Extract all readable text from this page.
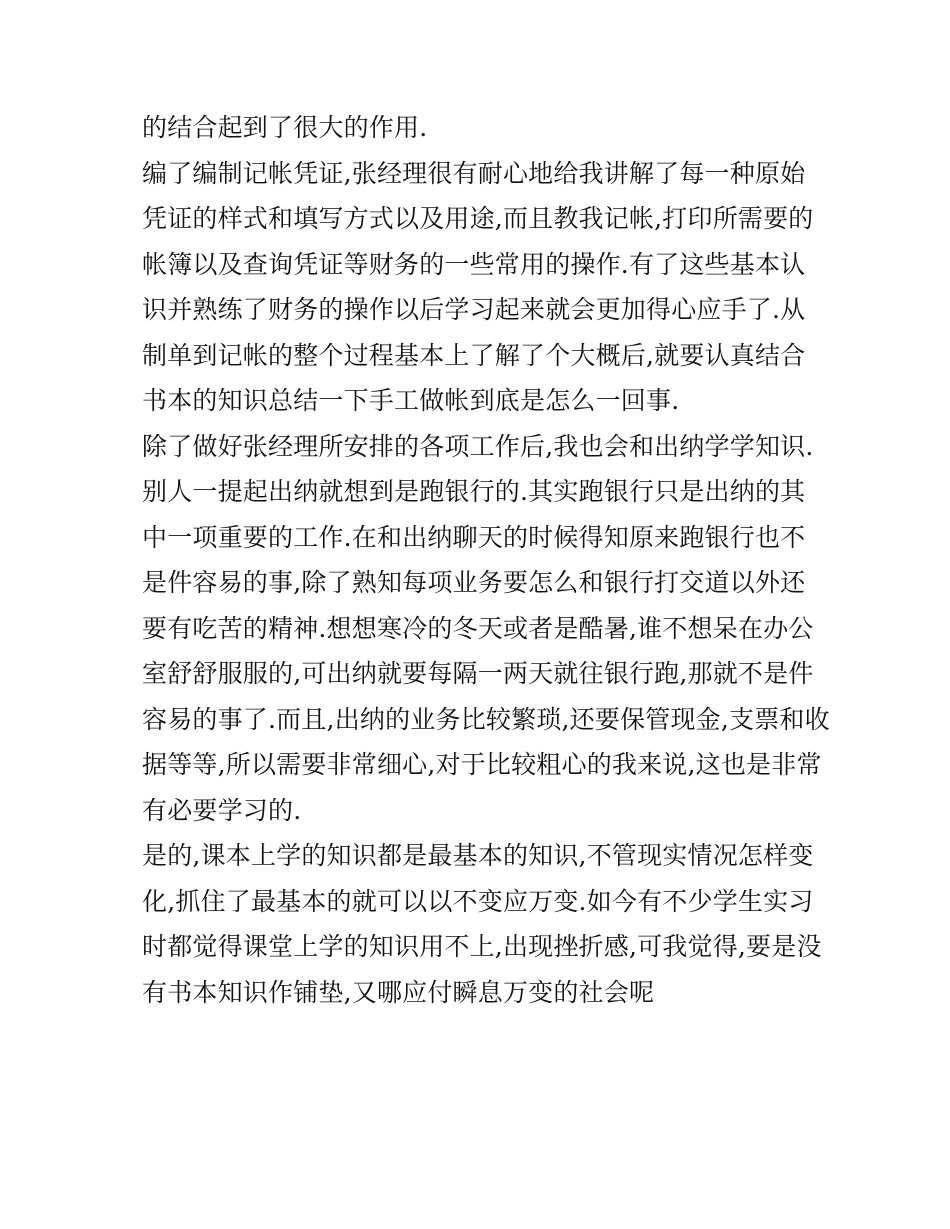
的结合起到了很大的作用.
编了编制记帐凭证,张经理很有耐心地给我讲解了每一种原始
凭证的样式和填写方式以及用途,而且教我记帐,打印所需要的
帐簿以及查询凭证等财务的一些常用的操作.有了这些基本认
识并熟练了财务的操作以后学习起来就会更加得心应手了.从
制单到记帐的整个过程基本上了解了个大概后,就要认真结合
书本的知识总结一下手工做帐到底是怎么一回事.
除了做好张经理所安排的各项工作后,我也会和出纳学学知识.
别人一提起出纳就想到是跑银行的.其实跑银行只是出纳的其
中一项重要的工作.在和出纳聊天的时候得知原来跑银行也不
是件容易的事,除了熟知每项业务要怎么和银行打交道以外还
要有吃苦的精神.想想寒冷的冬天或者是酷暑,谁不想呆在办公
室舒舒服服的,可出纳就要每隔一两天就往银行跑,那就不是件
容易的事了.而且,出纳的业务比较繁琐,还要保管现金,支票和收
据等等,所以需要非常细心,对于比较粗心的我来说,这也是非常
有必要学习的.
是的,课本上学的知识都是最基本的知识,不管现实情况怎样变
化,抓住了最基本的就可以以不变应万变.如今有不少学生实习
时都觉得课堂上学的知识用不上,出现挫折感,可我觉得,要是没
有书本知识作铺垫,又哪应付瞬息万变的社会呢
